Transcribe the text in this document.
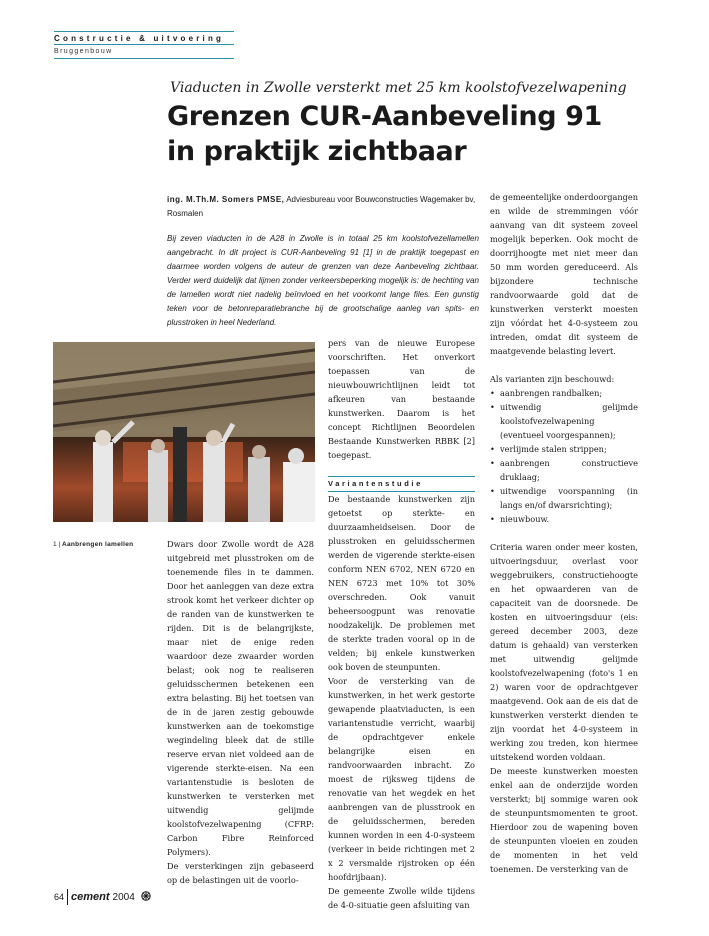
Constructie & uitvoering
Bruggenbouw
Viaducten in Zwolle versterkt met 25 km koolstofvezelwapening
Grenzen CUR-Aanbeveling 91
in praktijk zichtbaar
ing. M.Th.M. Somers PMSE, Adviesbureau voor Bouwconstructies Wagemaker bv, Rosmalen
Bij zeven viaducten in de A28 in Zwolle is in totaal 25 km koolstofvezellamellen aangebracht. In dit project is CUR-Aanbeveling 91 [1] in de praktijk toegepast en daarmee worden volgens de auteur de grenzen van deze Aanbeveling zichtbaar. Verder werd duidelijk dat lijmen zonder verkeersbeperking mogelijk is: de hechting van de lamellen wordt niet nadelig beïnvloed en het voorkomt lange files. Een gunstig teken voor de betonreparatiebranche bij de grootschalige aanleg van spits- en plusstroken in heel Nederland.
1 | Aanbrengen lamellen	Dwars door Zwolle wordt de A28 uitgebreid met plusstroken om de toenemende files in te dammen. Door het aanleggen van deze extra strook komt het verkeer dichter op de randen van de kunstwerken te rijden. Dit is de belangrijkste, maar niet de enige reden waardoor deze zwaarder worden belast; ook nog te realiseren geluidsschermen betekenen een extra belasting. Bij het toetsen van de in de jaren zestig gebouwde kunstwerken aan de toekomstige wegindeling bleek dat de stille reserve ervan niet voldeed aan de vigerende sterkte-eisen. Na een variantenstudie is besloten de kunstwerken te versterken met uitwendig gelijmde koolstofvezelwapening (CFRP: Carbon Fibre Reinforced Polymers).

De versterkingen zijn gebaseerd op de belastingen uit de voorlo-

pers van de nieuwe Europese voorschriften. Het onverkort toepassen van de nieuwbouwrichtlijnen leidt tot afkeuren van bestaande kunstwerken. Daarom is het concept Richtlijnen Beoordelen Bestaande Kunstwerken RBBK [2] toegepast.

Variantenstudie

De bestaande kunstwerken zijn getoetst op sterkte- en duurzaamheidseisen. Door de plusstroken en geluidsschermen werden de vigerende sterkte-eisen conform NEN 6702, NEN 6720 en NEN 6723 met 10% tot 30% overschreden. Ook vanuit beheersoogpunt was renovatie noodzakelijk. De problemen met de sterkte traden vooral op in de velden; bij enkele kunstwerken ook boven de steunpunten.

Voor de versterking van de kunstwerken, in het werk gestorte gewapende plaatviaducten, is een variantenstudie verricht, waarbij de opdrachtgever enkele belangrijke eisen en randvoorwaarden inbracht. Zo moest de rijksweg tijdens de renovatie van het wegdek en het aanbrengen van de plusstrook en de geluidsschermen, bereden kunnen worden in een 4-0-systeem (verkeer in beide richtingen met 2 x 2 versmalde rijstroken op één hoofdrijbaan).

De gemeente Zwolle wilde tijdens de 4-0-situatie geen afsluiting van

de gemeentelijke onderdoorgangen en wilde de stremmingen vóór aanvang van dit systeem zoveel mogelijk beperken. Ook mocht de doorrijhoogte met niet meer dan 50 mm worden gereduceerd. Als bijzondere technische randvoorwaarde gold dat de kunstwerken versterkt moesten zijn vóórdat het 4-0-systeem zou intreden, omdat dit systeem de maatgevende belasting levert.

Als varianten zijn beschouwd:

• aanbrengen randbalken;
• uitwendig gelijmde koolstofvezelwapening (eventueel voorgespannen);
• verlijmde stalen strippen;
• aanbrengen constructieve druklaag;
• uitwendige voorspanning (in langs en/of dwarsrichting);
• nieuwbouw.

Criteria waren onder meer kosten, uitvoeringsduur, overlast voor weggebruikers, constructiehoogte en het opwaarderen van de capaciteit van de doorsnede. De kosten en uitvoeringsduur (eis: gereed december 2003, deze datum is gehaald) van versterken met uitwendig gelijmde koolstofvezelwapening (foto's 1 en 2) waren voor de opdrachtgever maatgevend. Ook aan de eis dat de kunstwerken versterkt dienden te zijn voordat het 4-0-systeem in werking zou treden, kon hiermee uitstekend worden voldaan.

De meeste kunstwerken moesten enkel aan de onderzijde worden versterkt; bij sommige waren ook de steunpuntsmomenten te groot. Hierdoor zou de wapening boven de steunpunten vloeien en zouden de momenten in het veld toenemen. De versterking van de

64 cement 2004
